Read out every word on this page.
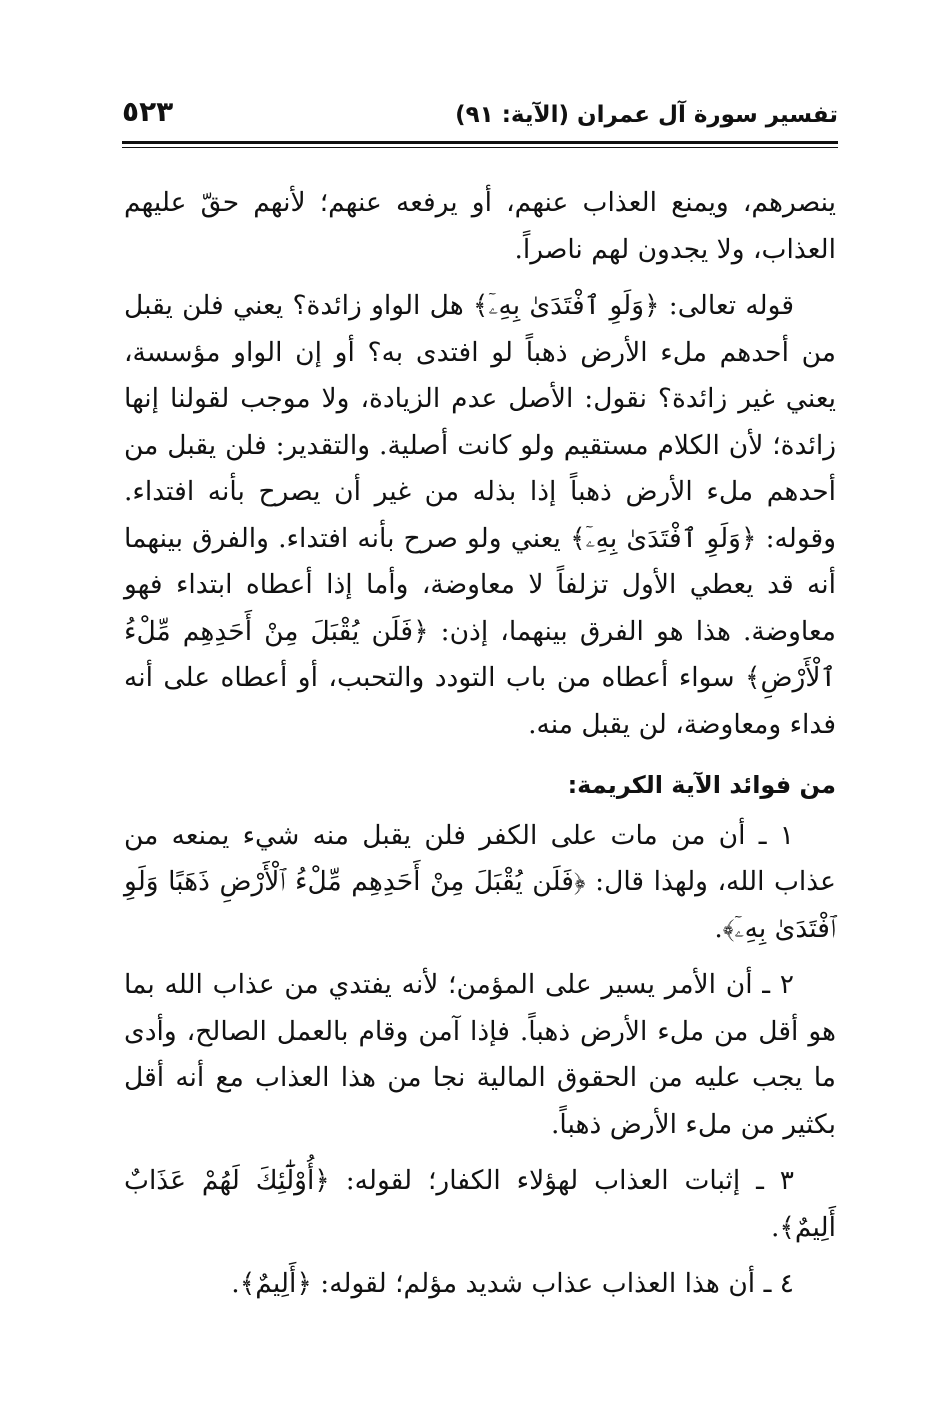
تفسير سورة آل عمران (الآية: ٩١)
٥٢٣

ينصرهم، ويمنع العذاب عنهم، أو يرفعه عنهم؛ لأنهم حقّ عليهم العذاب، ولا يجدون لهم ناصراً.

قوله تعالى: ﴿وَلَوِ ٱفْتَدَىٰ بِهِۦٓ﴾ هل الواو زائدة؟ يعني فلن يقبل من أحدهم ملء الأرض ذهباً لو افتدى به؟ أو إن الواو مؤسسة، يعني غير زائدة؟ نقول: الأصل عدم الزيادة، ولا موجب لقولنا إنها زائدة؛ لأن الكلام مستقيم ولو كانت أصلية. والتقدير: فلن يقبل من أحدهم ملء الأرض ذهباً إذا بذله من غير أن يصرح بأنه افتداء. وقوله: ﴿وَلَوِ ٱفْتَدَىٰ بِهِۦٓ﴾ يعني ولو صرح بأنه افتداء. والفرق بينهما أنه قد يعطي الأول تزلفاً لا معاوضة، وأما إذا أعطاه ابتداء فهو معاوضة. هذا هو الفرق بينهما، إذن: ﴿فَلَن يُقْبَلَ مِنْ أَحَدِهِم مِّلْءُ ٱلْأَرْضِ﴾ سواء أعطاه من باب التودد والتحبب، أو أعطاه على أنه فداء ومعاوضة، لن يقبل منه.

من فوائد الآية الكريمة:

١ ـ أن من مات على الكفر فلن يقبل منه شيء يمنعه من عذاب الله، ولهذا قال: ﴿فَلَن يُقْبَلَ مِنْ أَحَدِهِم مِّلْءُ ٱلْأَرْضِ ذَهَبًا وَلَوِ ٱفْتَدَىٰ بِهِۦٓ﴾.

٢ ـ أن الأمر يسير على المؤمن؛ لأنه يفتدي من عذاب الله بما هو أقل من ملء الأرض ذهباً. فإذا آمن وقام بالعمل الصالح، وأدى ما يجب عليه من الحقوق المالية نجا من هذا العذاب مع أنه أقل بكثير من ملء الأرض ذهباً.

٣ ـ إثبات العذاب لهؤلاء الكفار؛ لقوله: ﴿أُوْلَٰٓئِكَ لَهُمْ عَذَابٌ أَلِيمٌ﴾.

٤ ـ أن هذا العذاب عذاب شديد مؤلم؛ لقوله: ﴿أَلِيمٌ﴾.
